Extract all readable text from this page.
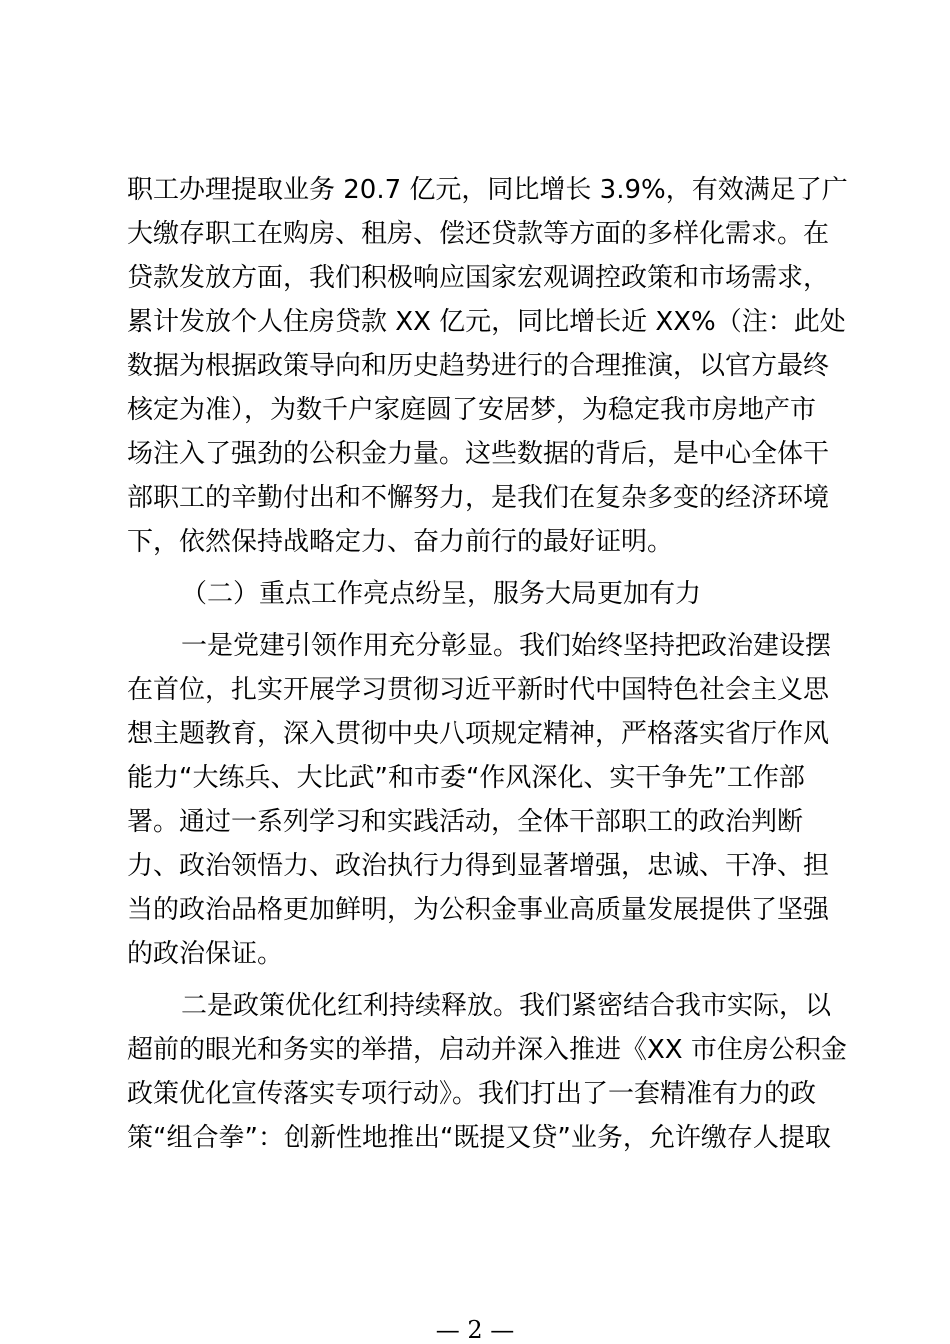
职工办理提取业务 20.7 亿元，同比增长 3.9%，有效满足了广
大缴存职工在购房、租房、偿还贷款等方面的多样化需求。在
贷款发放方面，我们积极响应国家宏观调控政策和市场需求，
累计发放个人住房贷款 XX 亿元，同比增长近 XX%（注：此处
数据为根据政策导向和历史趋势进行的合理推演，以官方最终
核定为准），为数千户家庭圆了安居梦，为稳定我市房地产市
场注入了强劲的公积金力量。这些数据的背后，是中心全体干
部职工的辛勤付出和不懈努力，是我们在复杂多变的经济环境
下，依然保持战略定力、奋力前行的最好证明。
（二）重点工作亮点纷呈，服务大局更加有力
一是党建引领作用充分彰显。我们始终坚持把政治建设摆
在首位，扎实开展学习贯彻习近平新时代中国特色社会主义思
想主题教育，深入贯彻中央八项规定精神，严格落实省厅作风
能力“大练兵、大比武”和市委“作风深化、实干争先”工作部
署。通过一系列学习和实践活动，全体干部职工的政治判断
力、政治领悟力、政治执行力得到显著增强，忠诚、干净、担
当的政治品格更加鲜明，为公积金事业高质量发展提供了坚强
的政治保证。
二是政策优化红利持续释放。我们紧密结合我市实际，以
超前的眼光和务实的举措，启动并深入推进《XX 市住房公积金
政策优化宣传落实专项行动》。我们打出了一套精准有力的政
策“组合拳”：创新性地推出“既提又贷”业务，允许缴存人提取
— 2 —
